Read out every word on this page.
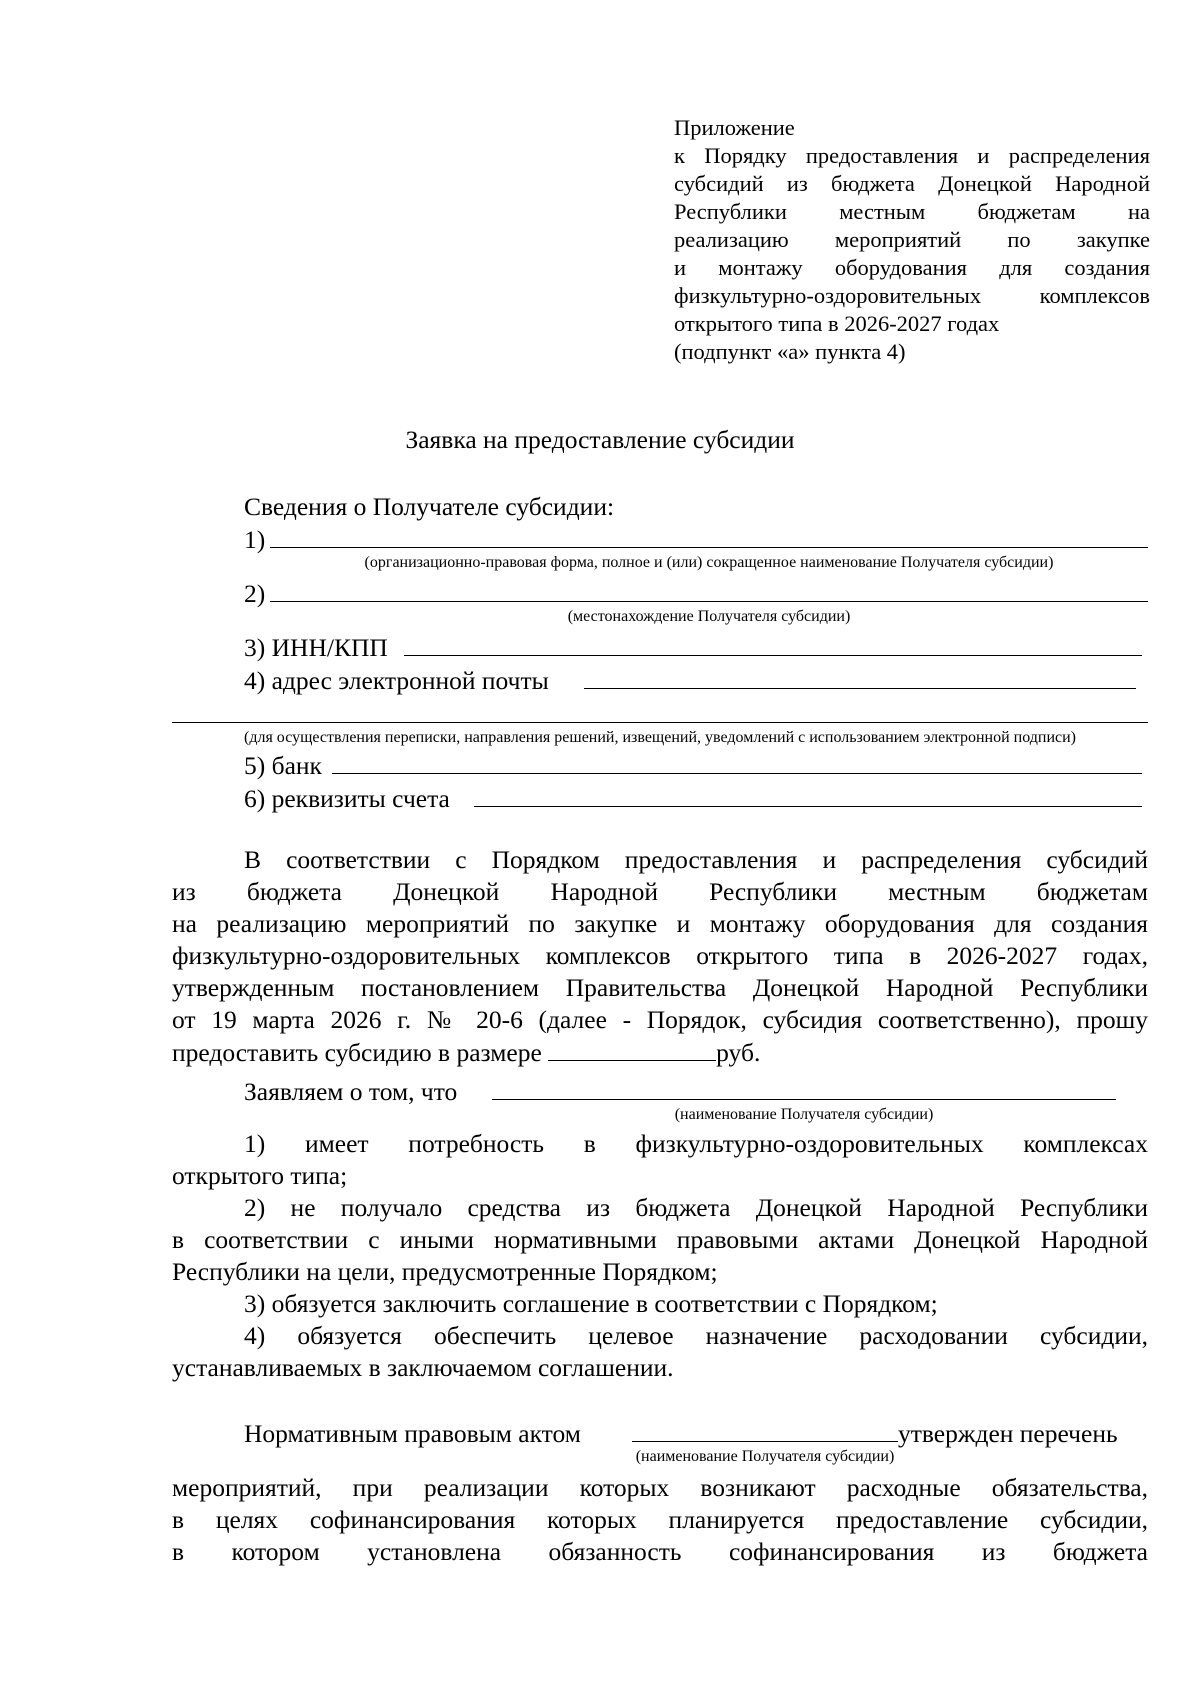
Приложение
к Порядку предоставления и распределения
субсидий из бюджета Донецкой Народной
Республики местным бюджетам на
реализацию мероприятий по закупке
и монтажу оборудования для создания
физкультурно-оздоровительных комплексов
открытого типа в 2026-2027 годах
(подпункт «а» пункта 4)
Заявка на предоставление субсидии
Сведения о Получателе субсидии:
1)
(организационно-правовая форма, полное и (или) сокращенное наименование Получателя субсидии)
2)
(местонахождение Получателя субсидии)
3) ИНН/КПП
4) адрес электронной почты
(для осуществления переписки, направления решений, извещений, уведомлений с использованием электронной подписи)
5) банк
6) реквизиты счета
В соответствии с Порядком предоставления и распределения субсидий
из бюджета Донецкой Народной Республики местным бюджетам
на реализацию мероприятий по закупке и монтажу оборудования для создания
физкультурно-оздоровительных комплексов открытого типа в 2026-2027 годах,
утвержденным постановлением Правительства Донецкой Народной Республики
от 19 марта 2026 г. № 20-6 (далее - Порядок, субсидия соответственно), прошу
предоставить субсидию в размере	руб.
Заявляем о том, что
(наименование Получателя субсидии)
1) имеет потребность в физкультурно-оздоровительных комплексах
открытого типа;
2) не получало средства из бюджета Донецкой Народной Республики
в соответствии с иными нормативными правовыми актами Донецкой Народной
Республики на цели, предусмотренные Порядком;
3) обязуется заключить соглашение в соответствии с Порядком;
4) обязуется обеспечить целевое назначение расходовании субсидии,
устанавливаемых в заключаемом соглашении.
Нормативным правовым актом	утвержден перечень
(наименование Получателя субсидии)
мероприятий, при реализации которых возникают расходные обязательства,
в целях софинансирования которых планируется предоставление субсидии,
в котором установлена обязанность софинансирования из бюджета
